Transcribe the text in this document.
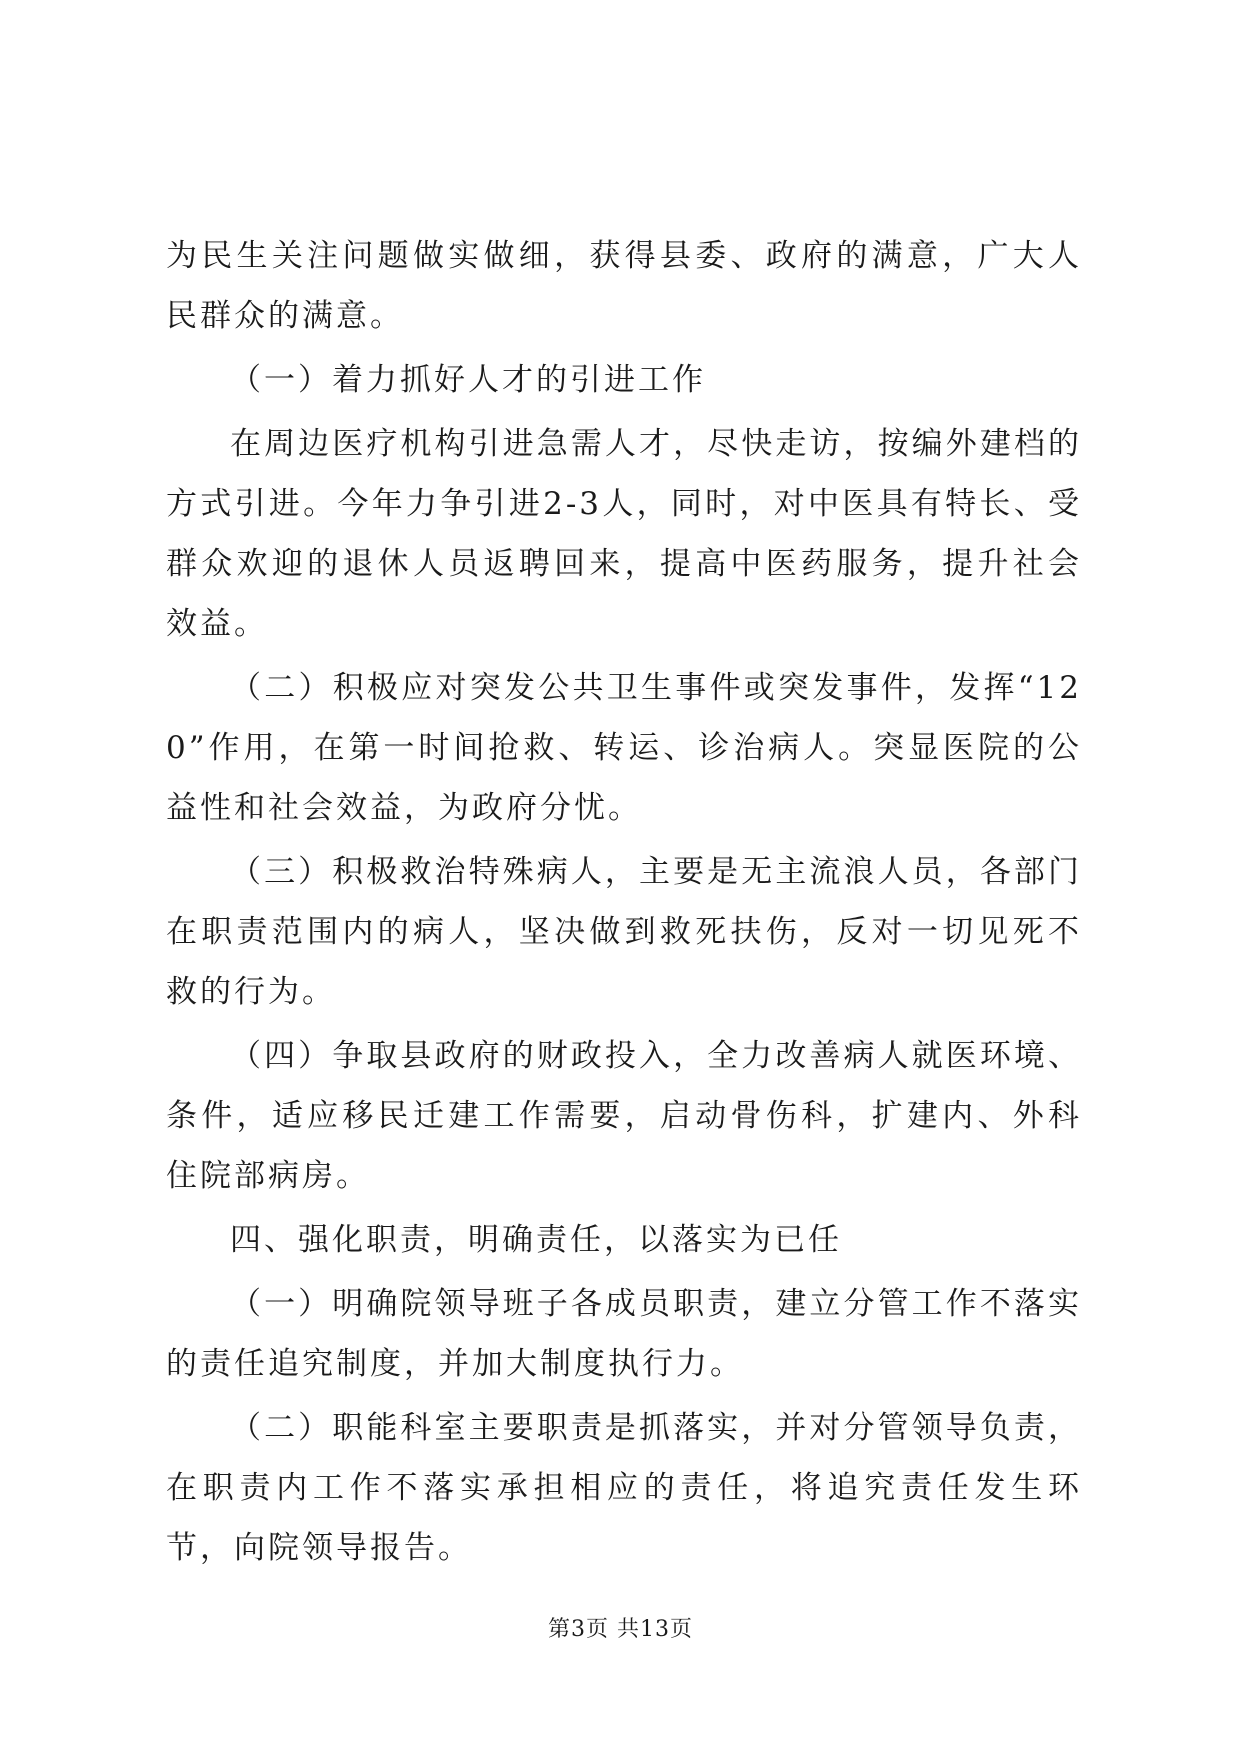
为民生关注问题做实做细，获得县委、政府的满意，广大人民群众的满意。

（一）着力抓好人才的引进工作

在周边医疗机构引进急需人才，尽快走访，按编外建档的方式引进。今年力争引进2-3人，同时，对中医具有特长、受群众欢迎的退休人员返聘回来，提高中医药服务，提升社会效益。

（二）积极应对突发公共卫生事件或突发事件，发挥“120”作用，在第一时间抢救、转运、诊治病人。突显医院的公益性和社会效益，为政府分忧。

（三）积极救治特殊病人，主要是无主流浪人员，各部门在职责范围内的病人，坚决做到救死扶伤，反对一切见死不救的行为。

（四）争取县政府的财政投入，全力改善病人就医环境、条件，适应移民迁建工作需要，启动骨伤科，扩建内、外科住院部病房。

四、强化职责，明确责任，以落实为已任

（一）明确院领导班子各成员职责，建立分管工作不落实的责任追究制度，并加大制度执行力。

（二）职能科室主要职责是抓落实，并对分管领导负责，在职责内工作不落实承担相应的责任，将追究责任发生环节，向院领导报告。

第3页 共13页
